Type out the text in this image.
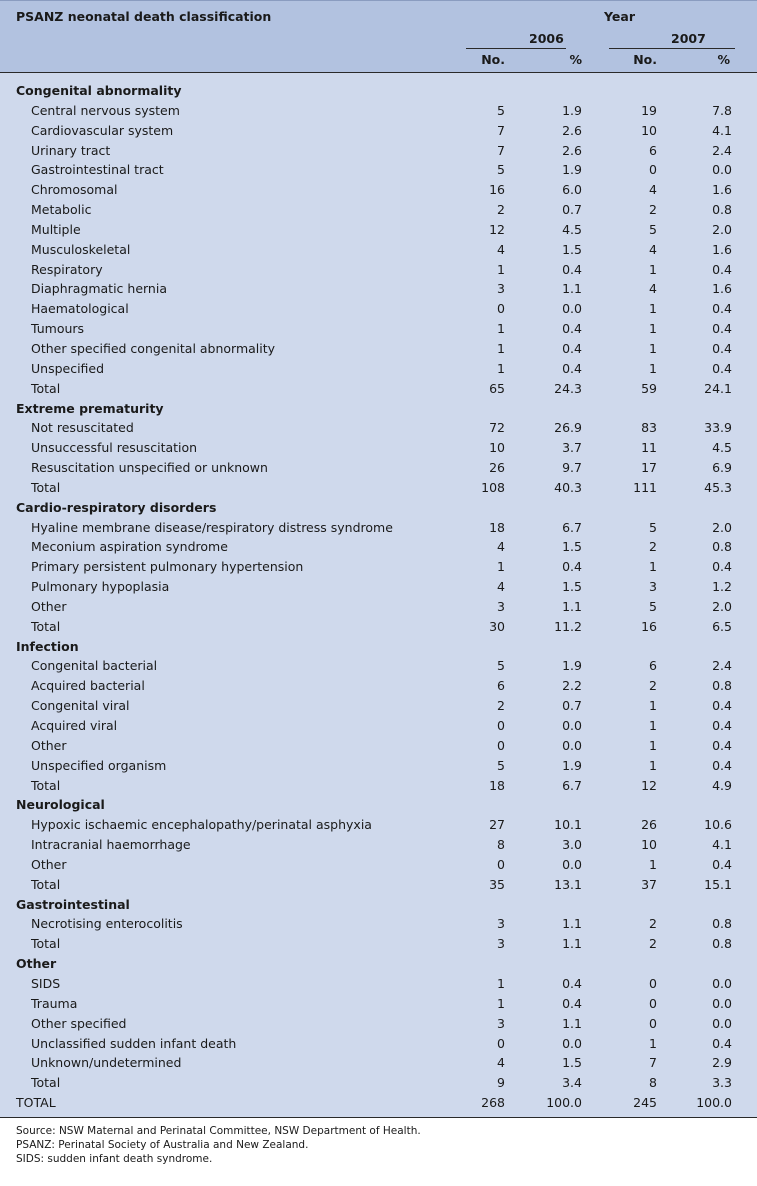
PSANZ neonatal death classification	Year
2006	2007
No.	%	No.	%
Congenital abnormality
Central nervous system	5	1.9	19	7.8
Cardiovascular system	7	2.6	10	4.1
Urinary tract	7	2.6	6	2.4
Gastrointestinal tract	5	1.9	0	0.0
Chromosomal	16	6.0	4	1.6
Metabolic	2	0.7	2	0.8
Multiple	12	4.5	5	2.0
Musculoskeletal	4	1.5	4	1.6
Respiratory	1	0.4	1	0.4
Diaphragmatic hernia	3	1.1	4	1.6
Haematological	0	0.0	1	0.4
Tumours	1	0.4	1	0.4
Other specified congenital abnormality	1	0.4	1	0.4
Unspecified	1	0.4	1	0.4
Total	65	24.3	59	24.1
Extreme prematurity
Not resuscitated	72	26.9	83	33.9
Unsuccessful resuscitation	10	3.7	11	4.5
Resuscitation unspecified or unknown	26	9.7	17	6.9
Total	108	40.3	111	45.3
Cardio-respiratory disorders
Hyaline membrane disease/respiratory distress syndrome	18	6.7	5	2.0
Meconium aspiration syndrome	4	1.5	2	0.8
Primary persistent pulmonary hypertension	1	0.4	1	0.4
Pulmonary hypoplasia	4	1.5	3	1.2
Other	3	1.1	5	2.0
Total	30	11.2	16	6.5
Infection
Congenital bacterial	5	1.9	6	2.4
Acquired bacterial	6	2.2	2	0.8
Congenital viral	2	0.7	1	0.4
Acquired viral	0	0.0	1	0.4
Other	0	0.0	1	0.4
Unspecified organism	5	1.9	1	0.4
Total	18	6.7	12	4.9
Neurological
Hypoxic ischaemic encephalopathy/perinatal asphyxia	27	10.1	26	10.6
Intracranial haemorrhage	8	3.0	10	4.1
Other	0	0.0	1	0.4
Total	35	13.1	37	15.1
Gastrointestinal
Necrotising enterocolitis	3	1.1	2	0.8
Total	3	1.1	2	0.8
Other
SIDS	1	0.4	0	0.0
Trauma	1	0.4	0	0.0
Other specified	3	1.1	0	0.0
Unclassified sudden infant death	0	0.0	1	0.4
Unknown/undetermined	4	1.5	7	2.9
Total	9	3.4	8	3.3
TOTAL	268	100.0	245	100.0
Source: NSW Maternal and Perinatal Committee, NSW Department of Health.
PSANZ: Perinatal Society of Australia and New Zealand.
SIDS: sudden infant death syndrome.
